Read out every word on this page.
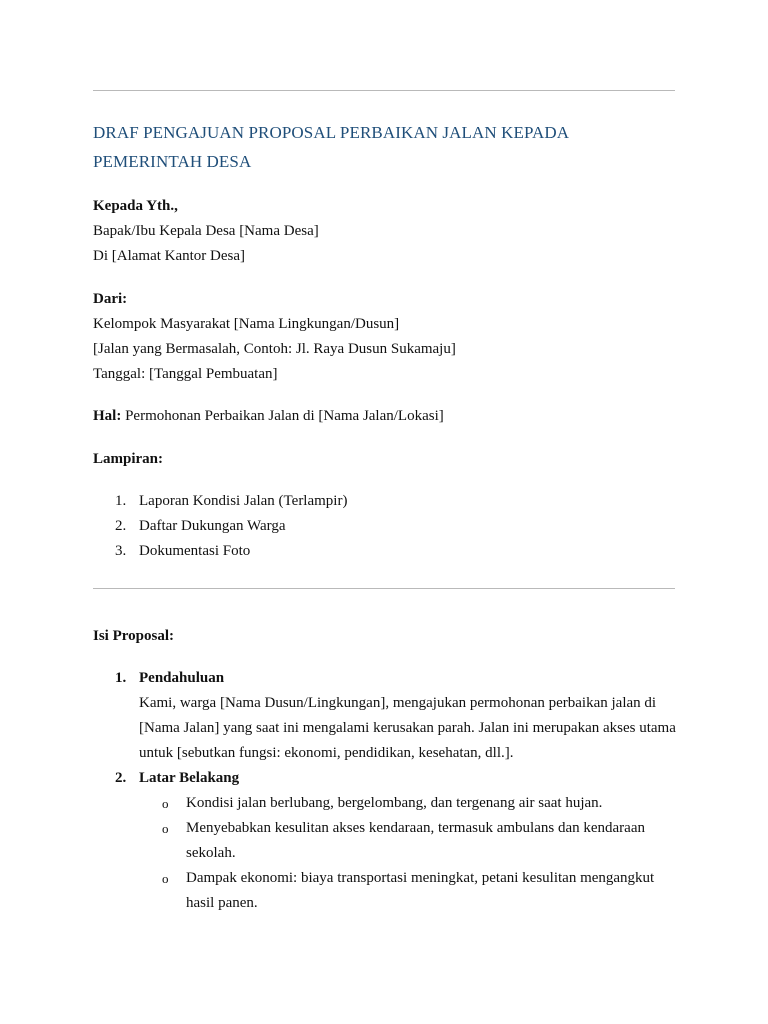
DRAF PENGAJUAN PROPOSAL PERBAIKAN JALAN KEPADA PEMERINTAH DESA
Kepada Yth.,
Bapak/Ibu Kepala Desa [Nama Desa]
Di [Alamat Kantor Desa]
Dari:
Kelompok Masyarakat [Nama Lingkungan/Dusun]
[Jalan yang Bermasalah, Contoh: Jl. Raya Dusun Sukamaju]
Tanggal: [Tanggal Pembuatan]
Hal: Permohonan Perbaikan Jalan di [Nama Jalan/Lokasi]
Lampiran:
1. Laporan Kondisi Jalan (Terlampir)
2. Daftar Dukungan Warga
3. Dokumentasi Foto
Isi Proposal:
1. Pendahuluan
Kami, warga [Nama Dusun/Lingkungan], mengajukan permohonan perbaikan jalan di [Nama Jalan] yang saat ini mengalami kerusakan parah. Jalan ini merupakan akses utama untuk [sebutkan fungsi: ekonomi, pendidikan, kesehatan, dll.].
2. Latar Belakang
o Kondisi jalan berlubang, bergelombang, dan tergenang air saat hujan.
o Menyebabkan kesulitan akses kendaraan, termasuk ambulans dan kendaraan sekolah.
o Dampak ekonomi: biaya transportasi meningkat, petani kesulitan mengangkut hasil panen.
